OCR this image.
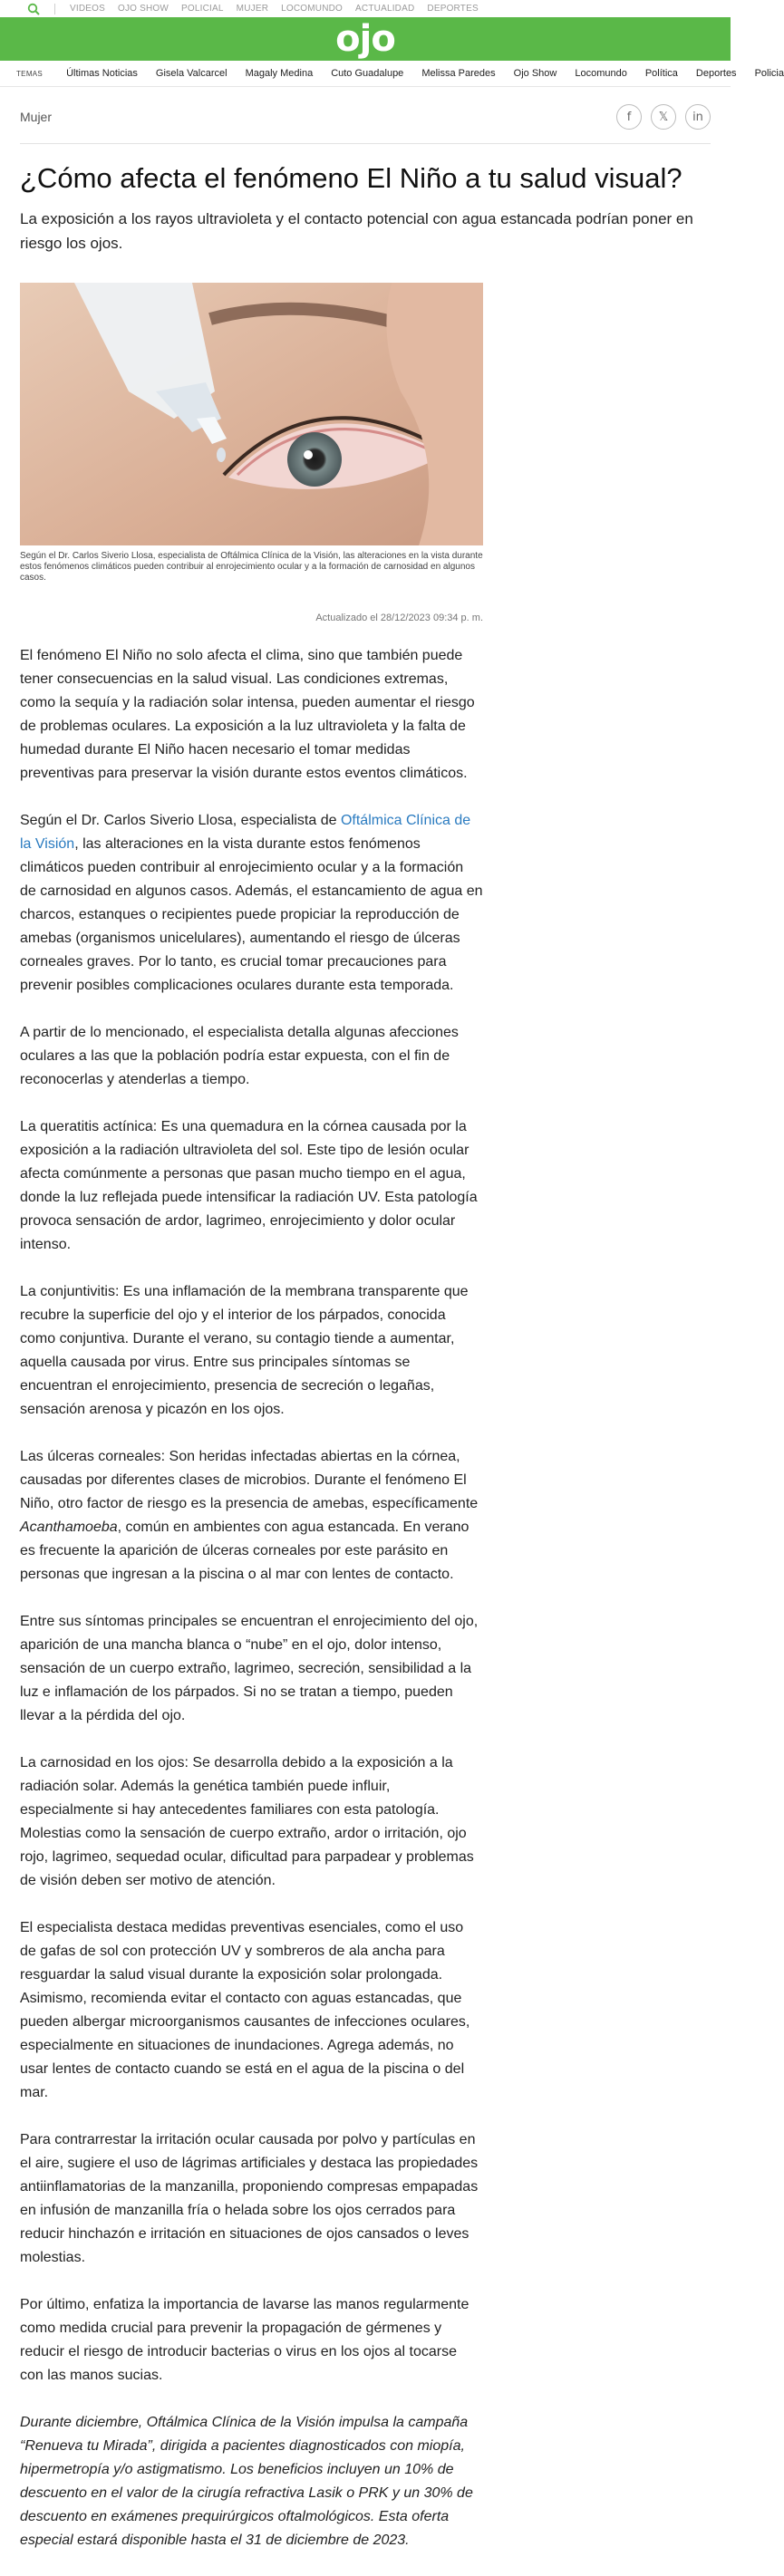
VIDEOS OJO SHOW POLICIAL MUJER LOCOMUNDO ACTUALIDAD DEPORTES
ojo
TEMAS Últimas Noticias Gisela Valcarcel Magaly Medina Cuto Guadalupe Melissa Paredes Ojo Show Locomundo Política Deportes Policia
Mujer	f	𝕏	in
¿Cómo afecta el fenómeno El Niño a tu salud visual?

La exposición a los rayos ultravioleta y el contacto potencial con agua estancada podrían poner en riesgo los ojos.

Según el Dr. Carlos Siverio Llosa, especialista de Oftálmica Clínica de la Visión, las alteraciones en la vista durante estos fenómenos climáticos pueden contribuir al enrojecimiento ocular y a la formación de carnosidad en algunos casos.

Actualizado el 28/12/2023 09:34 p. m.

El fenómeno El Niño no solo afecta el clima, sino que también puede tener consecuencias en la salud visual. Las condiciones extremas, como la sequía y la radiación solar intensa, pueden aumentar el riesgo de problemas oculares. La exposición a la luz ultravioleta y la falta de humedad durante El Niño hacen necesario el tomar medidas preventivas para preservar la visión durante estos eventos climáticos.

Según el Dr. Carlos Siverio Llosa, especialista de Oftálmica Clínica de la Visión, las alteraciones en la vista durante estos fenómenos climáticos pueden contribuir al enrojecimiento ocular y a la formación de carnosidad en algunos casos. Además, el estancamiento de agua en charcos, estanques o recipientes puede propiciar la reproducción de amebas (organismos unicelulares), aumentando el riesgo de úlceras corneales graves. Por lo tanto, es crucial tomar precauciones para prevenir posibles complicaciones oculares durante esta temporada.

A partir de lo mencionado, el especialista detalla algunas afecciones oculares a las que la población podría estar expuesta, con el fin de reconocerlas y atenderlas a tiempo.

La queratitis actínica: Es una quemadura en la córnea causada por la exposición a la radiación ultravioleta del sol. Este tipo de lesión ocular afecta comúnmente a personas que pasan mucho tiempo en el agua, donde la luz reflejada puede intensificar la radiación UV. Esta patología provoca sensación de ardor, lagrimeo, enrojecimiento y dolor ocular intenso.

La conjuntivitis: Es una inflamación de la membrana transparente que recubre la superficie del ojo y el interior de los párpados, conocida como conjuntiva. Durante el verano, su contagio tiende a aumentar, aquella causada por virus. Entre sus principales síntomas se encuentran el enrojecimiento, presencia de secreción o legañas, sensación arenosa y picazón en los ojos.

Las úlceras corneales: Son heridas infectadas abiertas en la córnea, causadas por diferentes clases de microbios. Durante el fenómeno El Niño, otro factor de riesgo es la presencia de amebas, específicamente Acanthamoeba, común en ambientes con agua estancada. En verano es frecuente la aparición de úlceras corneales por este parásito en personas que ingresan a la piscina o al mar con lentes de contacto.

Entre sus síntomas principales se encuentran el enrojecimiento del ojo, aparición de una mancha blanca o “nube” en el ojo, dolor intenso, sensación de un cuerpo extraño, lagrimeo, secreción, sensibilidad a la luz e inflamación de los párpados. Si no se tratan a tiempo, pueden llevar a la pérdida del ojo.

La carnosidad en los ojos: Se desarrolla debido a la exposición a la radiación solar. Además la genética también puede influir, especialmente si hay antecedentes familiares con esta patología. Molestias como la sensación de cuerpo extraño, ardor o irritación, ojo rojo, lagrimeo, sequedad ocular, dificultad para parpadear y problemas de visión deben ser motivo de atención.

El especialista destaca medidas preventivas esenciales, como el uso de gafas de sol con protección UV y sombreros de ala ancha para resguardar la salud visual durante la exposición solar prolongada. Asimismo, recomienda evitar el contacto con aguas estancadas, que pueden albergar microorganismos causantes de infecciones oculares, especialmente en situaciones de inundaciones. Agrega además, no usar lentes de contacto cuando se está en el agua de la piscina o del mar.

Para contrarrestar la irritación ocular causada por polvo y partículas en el aire, sugiere el uso de lágrimas artificiales y destaca las propiedades antiinflamatorias de la manzanilla, proponiendo compresas empapadas en infusión de manzanilla fría o helada sobre los ojos cerrados para reducir hinchazón e irritación en situaciones de ojos cansados o leves molestias.

Por último, enfatiza la importancia de lavarse las manos regularmente como medida crucial para prevenir la propagación de gérmenes y reducir el riesgo de introducir bacterias o virus en los ojos al tocarse con las manos sucias.

Durante diciembre, Oftálmica Clínica de la Visión impulsa la campaña “Renueva tu Mirada”, dirigida a pacientes diagnosticados con miopía, hipermetropía y/o astigmatismo. Los beneficios incluyen un 10% de descuento en el valor de la cirugía refractiva Lasik o PRK y un 30% de descuento en exámenes prequirúrgicos oftalmológicos. Esta oferta especial estará disponible hasta el 31 de diciembre de 2023.
